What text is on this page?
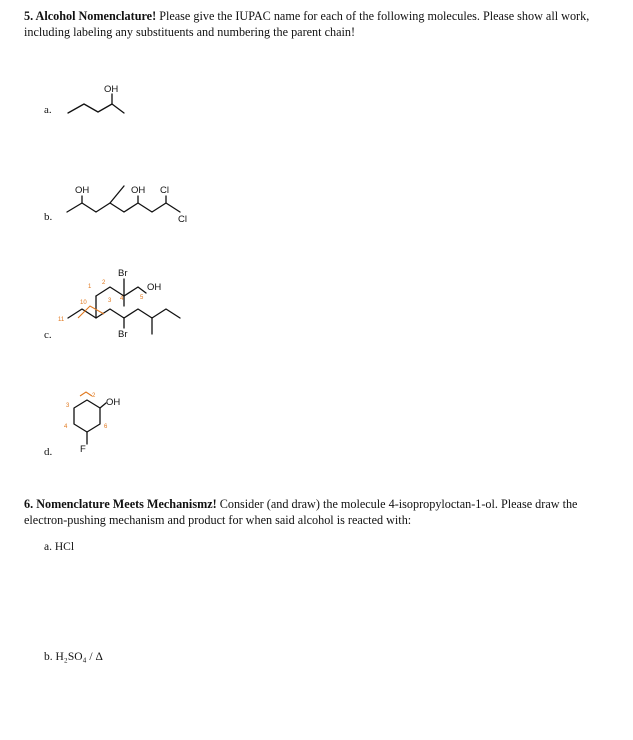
5. Alcohol Nomenclature! Please give the IUPAC name for each of the following molecules. Please show all work, including labeling any substituents and numbering the parent chain!
a.
b.
c.
d.
OH
OH	OH Cl
Cl
Br
OH
Br
1
2
3 4	5
10
11
OH
F
2
3
4	6
6. Nomenclature Meets Mechanismz! Consider (and draw) the molecule 4-isopropyloctan-1-ol. Please draw the electron-pushing mechanism and product for when said alcohol is reacted with:
a. HCl
b. H₂SO₄ / Δ
